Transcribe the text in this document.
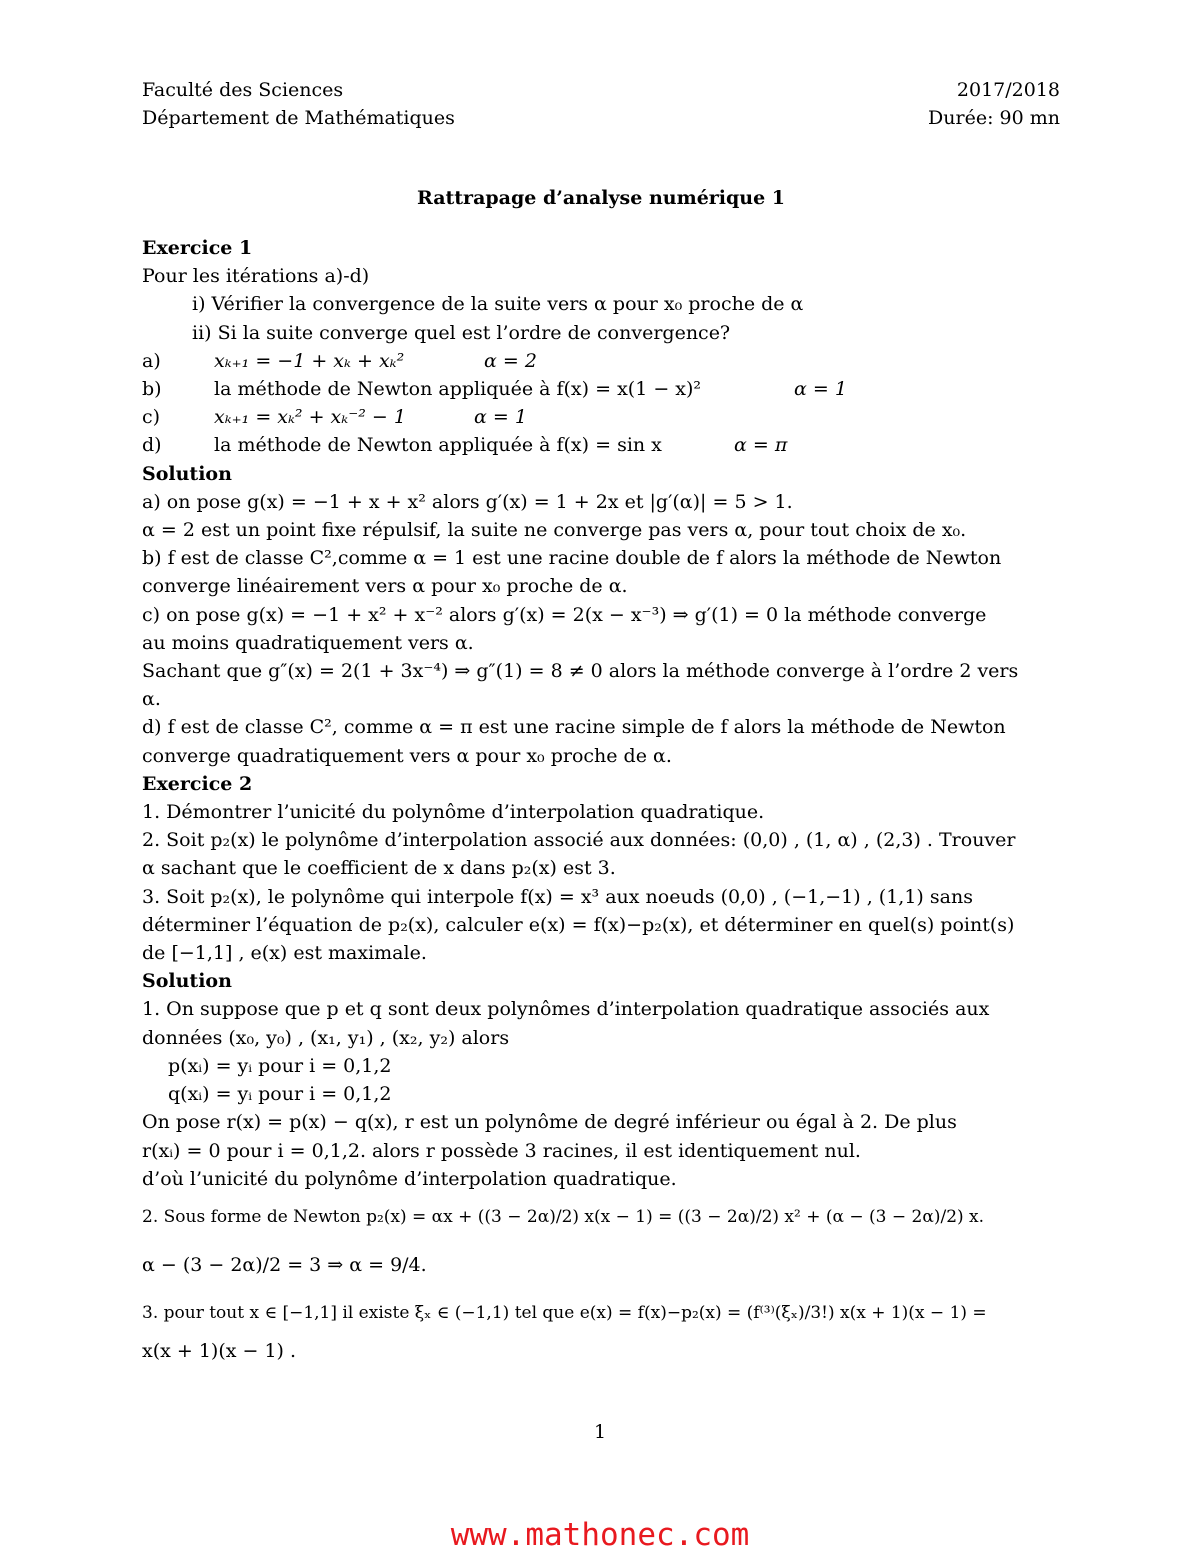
Faculté des Sciences	2017/2018
Département de Mathématiques	Durée: 90 mn
Rattrapage d’analyse numérique 1
Exercice 1
Pour les itérations a)-d)
i) Vérifier la convergence de la suite vers α pour x₀ proche de α
ii) Si la suite converge quel est l’ordre de convergence?
a)	xₖ₊₁ = −1 + xₖ + xₖ²	α = 2
b)	la méthode de Newton appliquée à f(x) = x(1 − x)²	α = 1
c)	xₖ₊₁ = xₖ² + xₖ⁻² − 1	α = 1
d)	la méthode de Newton appliquée à f(x) = sin x	α = π
Solution
a) on pose g(x) = −1 + x + x² alors g′(x) = 1 + 2x et |g′(α)| = 5 > 1.
α = 2 est un point fixe répulsif, la suite ne converge pas vers α, pour tout choix de x₀.
b) f est de classe C²,comme α = 1 est une racine double de f alors la méthode de Newton
converge linéairement vers α pour x₀ proche de α.
c) on pose g(x) = −1 + x² + x⁻² alors g′(x) = 2(x − x⁻³) ⇒ g′(1) = 0 la méthode converge
au moins quadratiquement vers α.
Sachant que g″(x) = 2(1 + 3x⁻⁴) ⇒ g″(1) = 8 ≠ 0 alors la méthode converge à l’ordre 2 vers
α.
d) f est de classe C², comme α = π est une racine simple de f alors la méthode de Newton
converge quadratiquement vers α pour x₀ proche de α.
Exercice 2
1. Démontrer l’unicité du polynôme d’interpolation quadratique.
2. Soit p₂(x) le polynôme d’interpolation associé aux données: (0,0) , (1, α) , (2,3) . Trouver
α sachant que le coefficient de x dans p₂(x) est 3.
3. Soit p₂(x), le polynôme qui interpole f(x) = x³ aux noeuds (0,0) , (−1,−1) , (1,1) sans
déterminer l’équation de p₂(x), calculer e(x) = f(x)−p₂(x), et déterminer en quel(s) point(s)
de [−1,1] , e(x) est maximale.
Solution
1. On suppose que p et q sont deux polynômes d’interpolation quadratique associés aux
données (x₀, y₀) , (x₁, y₁) , (x₂, y₂) alors
p(xᵢ) = yᵢ pour i = 0,1,2
q(xᵢ) = yᵢ pour i = 0,1,2
On pose r(x) = p(x) − q(x), r est un polynôme de degré inférieur ou égal à 2. De plus
r(xᵢ) = 0 pour i = 0,1,2. alors r possède 3 racines, il est identiquement nul.
d’où l’unicité du polynôme d’interpolation quadratique.
2. Sous forme de Newton p₂(x) = αx + ((3 − 2α)/2) x(x − 1) = ((3 − 2α)/2) x² + (α − (3 − 2α)/2) x.
α − (3 − 2α)/2 = 3 ⇒ α = 9/4.
3. pour tout x ∈ [−1,1] il existe ξₓ ∈ (−1,1) tel que e(x) = f(x)−p₂(x) = (f⁽³⁾(ξₓ)/3!) x(x + 1)(x − 1) =
x(x + 1)(x − 1) .
1
www.mathonec.com
